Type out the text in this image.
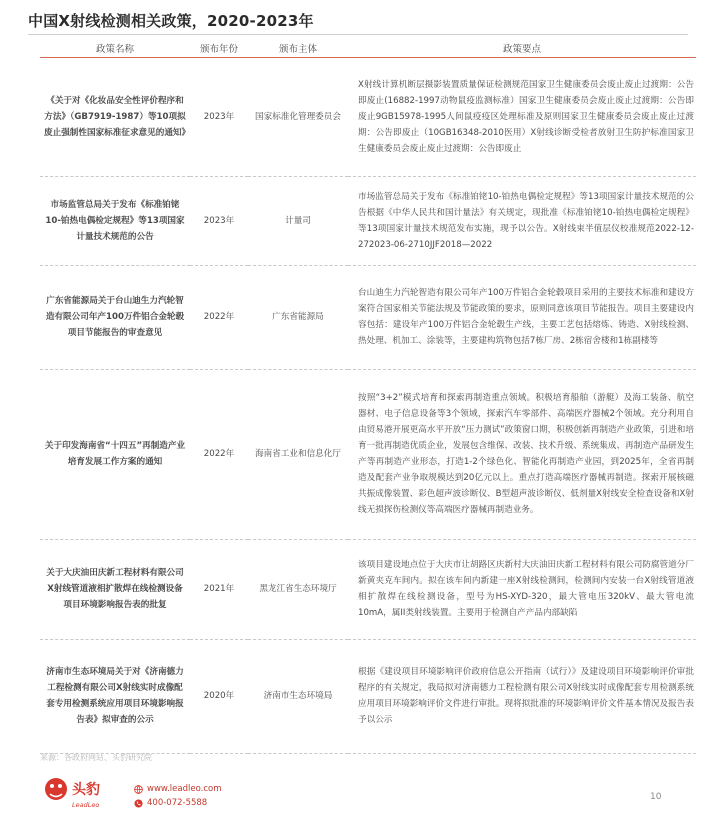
中国X射线检测相关政策，2020-2023年
政策名称	颁布年份	颁布主体	政策要点
《关于对《化妆品安全性评价程序和方法》（GB7919-1987）等10项拟废止强制性国家标准征求意见的通知》	2023年	国家标准化管理委员会	X射线计算机断层摄影装置质量保证检测规范国家卫生健康委员会废止废止过渡期：公告即废止(16882-1997动物鼠疫监测标准）国家卫生健康委员会废止废止过渡期：公告即废止9GB15978-1995人间鼠疫疫区处理标准及原则国家卫生健康委员会废止废止过渡期：公告即废止（10GB16348-2010医用）X射线诊断受检者放射卫生防护标准国家卫生健康委员会废止废止过渡期：公告即废止
市场监管总局关于发布《标准铂铑10-铂热电偶检定规程》等13项国家计量技术规范的公告	2023年	计量司	市场监管总局关于发布《标准铂铑10-铂热电偶检定规程》等13项国家计量技术规范的公告根据《中华人民共和国计量法》有关规定，现批准《标准铂铑10-铂热电偶检定规程》等13项国家计量技术规范发布实施，现予以公告。X射线束半值层仪校准规范2022-12-272023-06-2710JJF2018—2022
广东省能源局关于台山迪生力汽轮智造有限公司年产100万件铝合金轮毂项目节能报告的审查意见	2022年	广东省能源局	台山迪生力汽轮智造有限公司年产100万件铝合金轮毂项目采用的主要技术标准和建设方案符合国家相关节能法规及节能政策的要求，原则同意该项目节能报告。项目主要建设内容包括：建设年产100万件铝合金轮毂生产线，主要工艺包括熔炼、铸造、X射线检测、热处理、机加工、涂装等，主要建构筑物包括7栋厂房、2栋宿舍楼和1栋副楼等
关于印发海南省“十四五”再制造产业培育发展工作方案的通知	2022年	海南省工业和信息化厅	按照“3+2”模式培育和探索再制造重点领域。积极培育船舶（游艇）及海工装备、航空器材、电子信息设备等3个领域，探索汽车零部件、高端医疗器械2个领域。充分利用自由贸易港开展更高水平开放“压力测试”政策窗口期，积极创新再制造产业政策，引进和培育一批再制造优质企业，发展包含维保、改装、技术升级、系统集成、再制造产品研发生产等再制造产业形态，打造1-2个绿色化、智能化再制造产业园，到2025年，全省再制造及配套产业争取规模达到20亿元以上。重点打造高端医疗器械再制造。探索开展核磁共振成像装置、彩色超声波诊断仪、B型超声波诊断仪、低剂量X射线安全检查设备和X射线无损探伤检测仪等高端医疗器械再制造业务。
关于大庆油田庆新工程材料有限公司X射线管道液相扩散焊在线检测设备项目环境影响报告表的批复	2021年	黑龙江省生态环境厅	该项目建设地点位于大庆市让胡路区庆新村大庆油田庆新工程材料有限公司防腐管道分厂新黄夹克车间内。拟在该车间内新建一座X射线检测间，检测间内安装一台X射线管道液相扩散焊在线检测设备，型号为HS-XYD-320，最大管电压320kV、最大管电流10mA，属II类射线装置。主要用于检测自产产品内部缺陷
济南市生态环境局关于对《济南德力工程检测有限公司X射线实时成像配套专用检测系统应用项目环境影响报告表》拟审查的公示	2020年	济南市生态环境局	根据《建设项目环境影响评价政府信息公开指南（试行）》及建设项目环境影响评价审批程序的有关规定，我局拟对济南德力工程检测有限公司X射线实时成像配套专用检测系统应用项目环境影响评价文件进行审批。现将拟批准的环境影响评价文件基本情况及报告表予以公示
来源：各政府网站、头豹研究院
头豹
LeadLeo
www.leadleo.com
400-072-5588
10
